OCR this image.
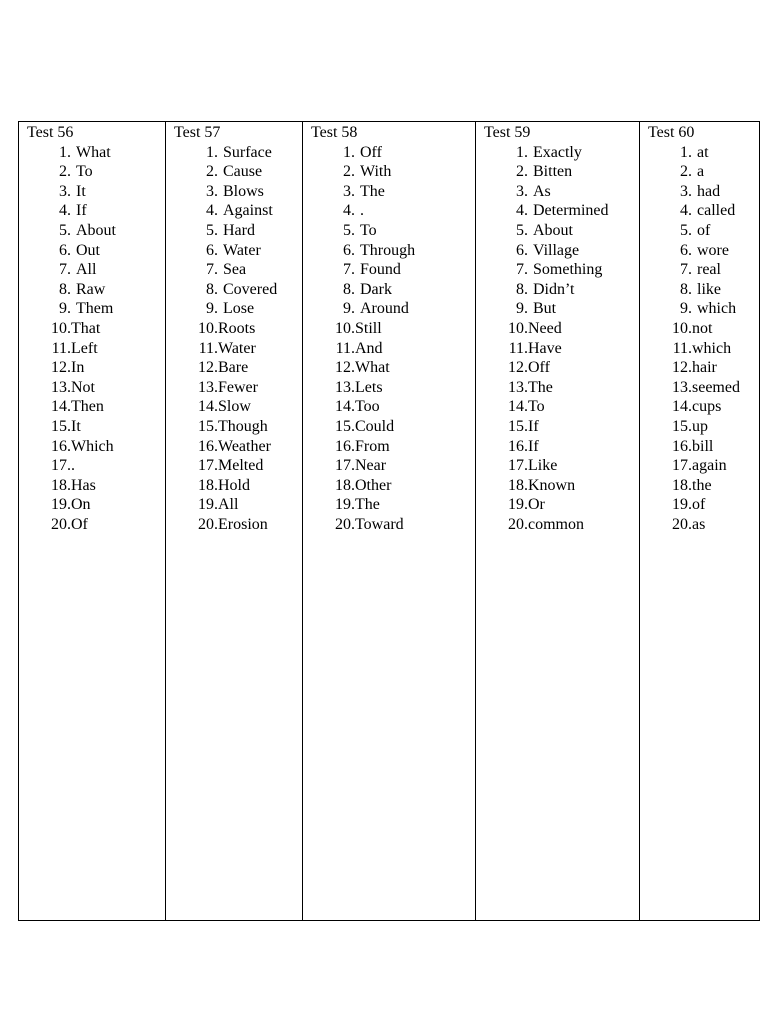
Test 56
1. What
2. To
3. It
4. If
5. About
6. Out
7. All
8. Raw
9. Them
10. That
11. Left
12. In
13. Not
14. Then
15. It
16. Which
17. .
18. Has
19. On
20. Of

Test 57
1. Surface
2. Cause
3. Blows
4. Against
5. Hard
6. Water
7. Sea
8. Covered
9. Lose
10. Roots
11. Water
12. Bare
13. Fewer
14. Slow
15. Though
16. Weather
17. Melted
18. Hold
19. All
20. Erosion

Test 58
1. Off
2. With
3. The
4. .
5. To
6. Through
7. Found
8. Dark
9. Around
10. Still
11. And
12. What
13. Lets
14. Too
15. Could
16. From
17. Near
18. Other
19. The
20. Toward

Test 59
1. Exactly
2. Bitten
3. As
4. Determined
5. About
6. Village
7. Something
8. Didn’t
9. But
10. Need
11. Have
12. Off
13. The
14. To
15. If
16. If
17. Like
18. Known
19. Or
20. common

Test 60
1. at
2. a
3. had
4. called
5. of
6. wore
7. real
8. like
9. which
10. not
11. which
12. hair
13. seemed
14. cups
15. up
16. bill
17. again
18. the
19. of
20. as
